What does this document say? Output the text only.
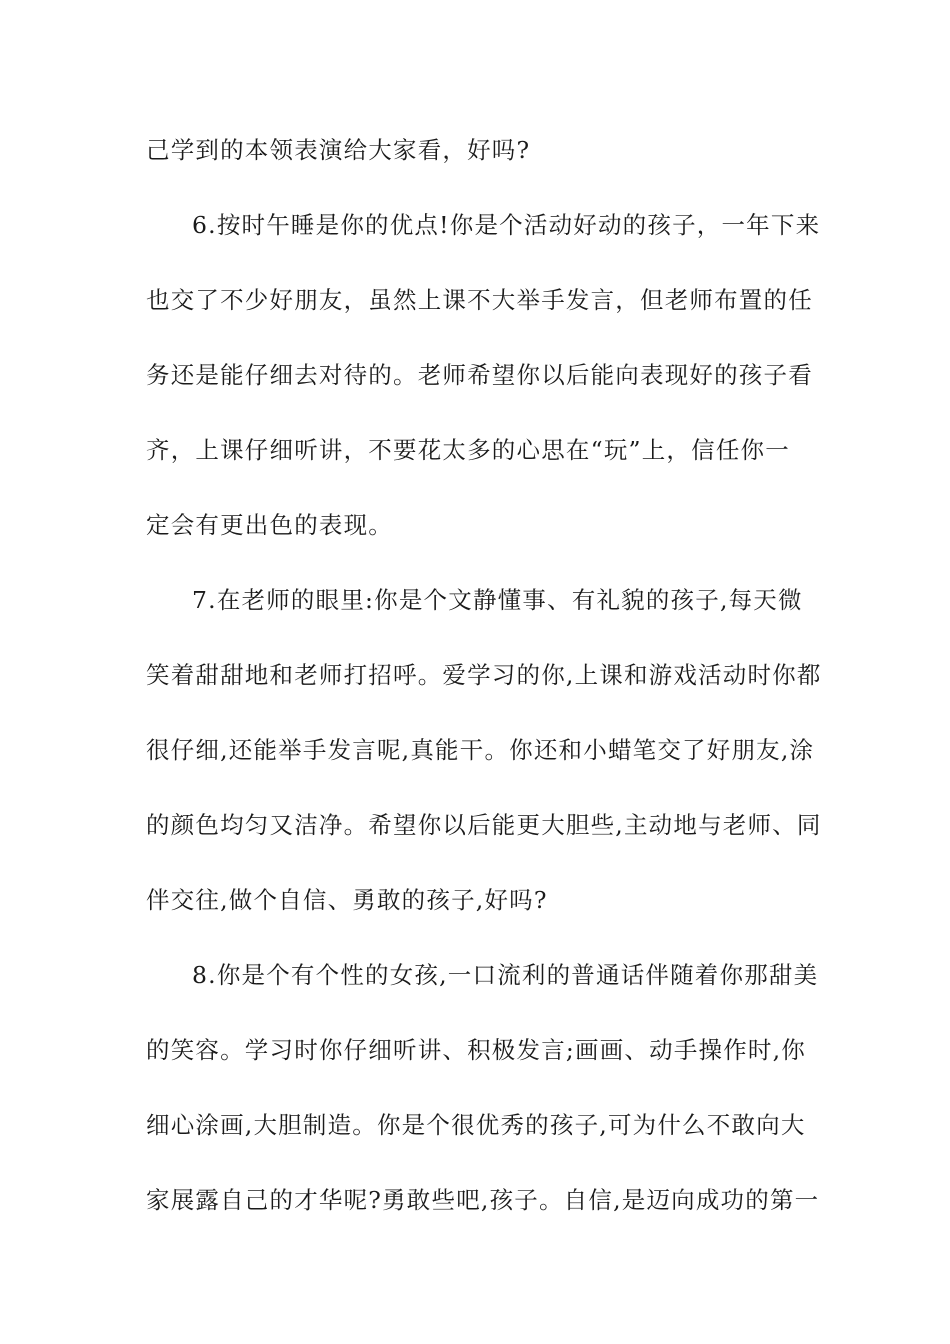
己学到的本领表演给大家看，好吗?
6.按时午睡是你的优点!你是个活动好动的孩子，一年下来
也交了不少好朋友，虽然上课不大举手发言，但老师布置的任
务还是能仔细去对待的。老师希望你以后能向表现好的孩子看
齐，上课仔细听讲，不要花太多的心思在“玩”上，信任你一
定会有更出色的表现。
7.在老师的眼里:你是个文静懂事、有礼貌的孩子,每天微
笑着甜甜地和老师打招呼。爱学习的你,上课和游戏活动时你都
很仔细,还能举手发言呢,真能干。你还和小蜡笔交了好朋友,涂
的颜色均匀又洁净。希望你以后能更大胆些,主动地与老师、同
伴交往,做个自信、勇敢的孩子,好吗?
8.你是个有个性的女孩,一口流利的普通话伴随着你那甜美
的笑容。学习时你仔细听讲、积极发言;画画、动手操作时,你
细心涂画,大胆制造。你是个很优秀的孩子,可为什么不敢向大
家展露自己的才华呢?勇敢些吧,孩子。自信,是迈向成功的第一
